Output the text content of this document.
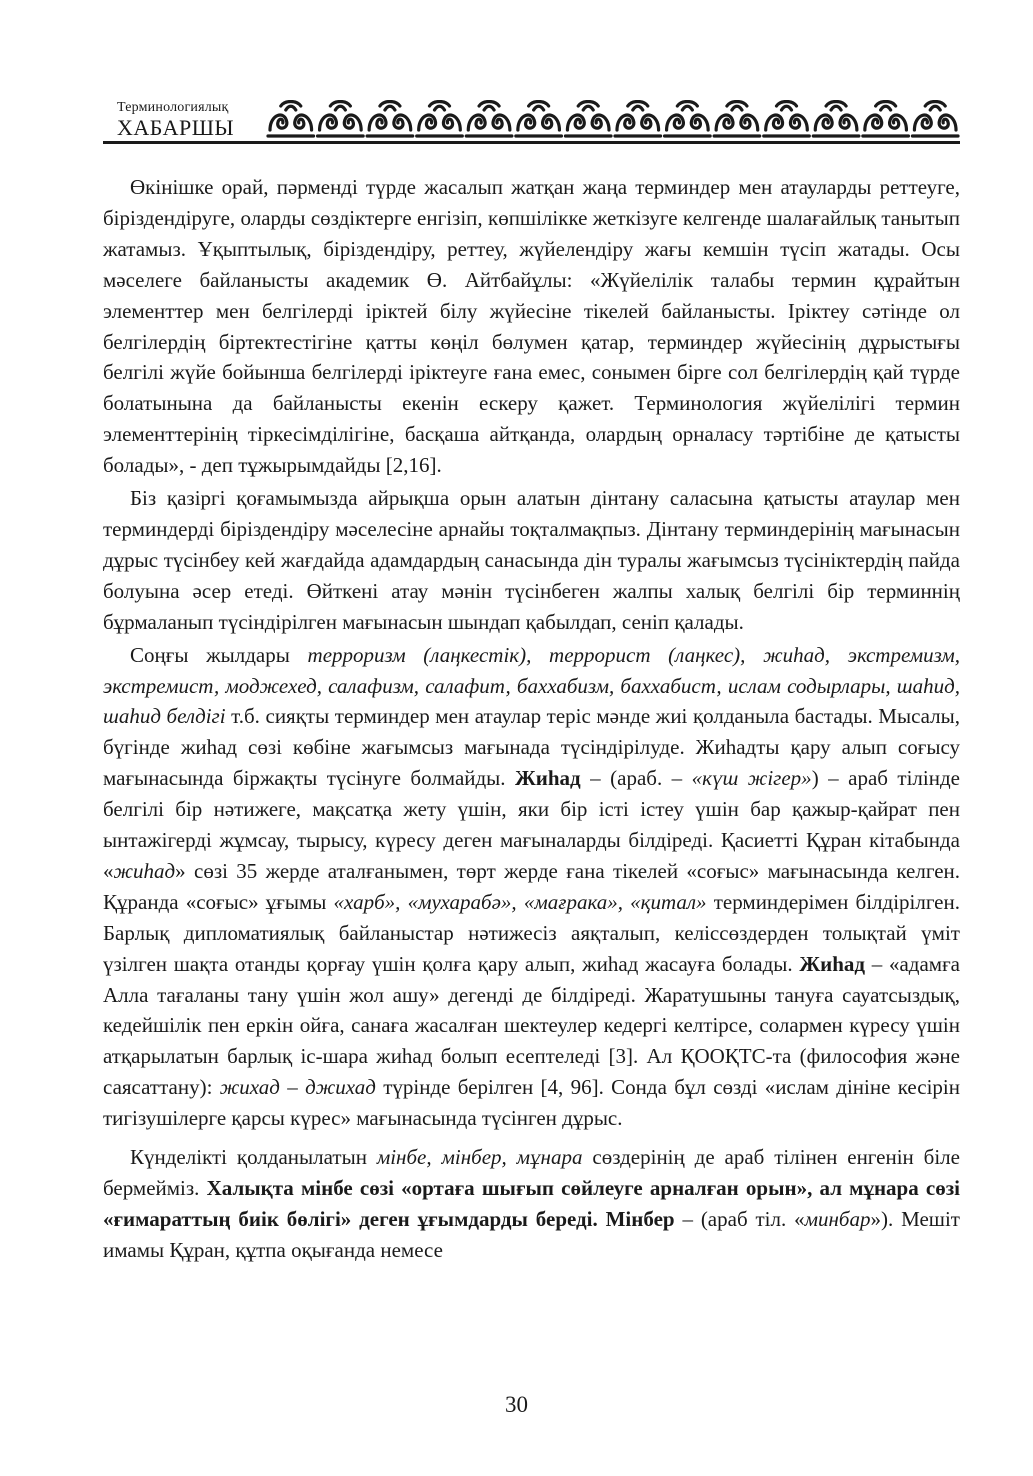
Терминологиялық
ХАБАРШЫ

Өкінішке орай, пәрменді түрде жасалып жатқан жаңа терминдер мен атауларды реттеуге, біріздендіруге, оларды сөздіктерге енгізіп, көпшілікке жеткізуге келгенде шалағайлық танытып жатамыз. Ұқыптылық, біріздендіру, реттеу, жүйелендіру жағы кемшін түсіп жатады. Осы мәселеге байланысты академик Ө. Айтбайұлы: «Жүйелілік талабы термин құрайтын элементтер мен белгілерді іріктей білу жүйесіне тікелей байланысты. Іріктеу сәтінде ол белгілердің біртектестігіне қатты көңіл бөлумен қатар, терминдер жүйесінің дұрыстығы белгілі жүйе бойынша белгілерді іріктеуге ғана емес, сонымен бірге сол белгілердің қай түрде болатынына да байланысты екенін ескеру қажет. Терминология жүйелілігі термин элементтерінің тіркесімділігіне, басқаша айтқанда, олардың орналасу тәртібіне де қатысты болады», - деп тұжырымдайды [2,16].

Біз қазіргі қоғамымызда айрықша орын алатын дінтану саласына қатысты атаулар мен терминдерді біріздендіру мәселесіне арнайы тоқталмақпыз. Дінтану терминдерінің мағынасын дұрыс түсінбеу кей жағдайда адамдардың санасында дін туралы жағымсыз түсініктердің пайда болуына әсер етеді. Өйткені атау мәнін түсінбеген жалпы халық белгілі бір терминнің бұрмаланып түсіндірілген мағынасын шындап қабылдап, сеніп қалады.

Соңғы жылдары терроризм (лаңкестік), террорист (лаңкес), жиһад, экстремизм, экстремист, моджехед, салафизм, салафит, баххабизм, баххабист, ислам содырлары, шаһид, шаһид белдігі т.б. сияқты терминдер мен атаулар теріс мәнде жиі қолданыла бастады. Мысалы, бүгінде жиһад сөзі көбіне жағымсыз мағынада түсіндірілуде. Жиһадты қару алып соғысу мағынасында біржақты түсінуге болмайды. Жиһад – (араб. – «күш жігер») – араб тілінде белгілі бір нәтижеге, мақсатқа жету үшін, яки бір істі істеу үшін бар қажыр-қайрат пен ынтажігерді жұмсау, тырысу, күресу деген мағыналарды білдіреді. Қасиетті Құран кітабында «жиһад» сөзі 35 жерде аталғанымен, төрт жерде ғана тікелей «соғыс» мағынасында келген. Құранда «соғыс» ұғымы «харб», «мухарабә», «мағрака», «қитал» терминдерімен білдірілген. Барлық дипломатиялық байланыстар нәтижесіз аяқталып, келіссөздерден толықтай үміт үзілген шақта отанды қорғау үшін қолға қару алып, жиһад жасауға болады. Жиһад – «адамға Алла тағаланы тану үшін жол ашу» дегенді де білдіреді. Жаратушыны тануға сауатсыздық, кедейшілік пен еркін ойға, санаға жасалған шектеулер кедергі келтірсе, солармен күресу үшін атқарылатын барлық іс-шара жиһад болып есептеледі [3]. Ал ҚООҚТС-та (философия және саясаттану): жихад – джихад түрінде берілген [4, 96]. Сонда бұл сөзді «ислам дініне кесірін тигізушілерге қарсы күрес» мағынасында түсінген дұрыс.

Күнделікті қолданылатын мінбе, мінбер, мұнара сөздерінің де араб тілінен енгенін біле бермейміз. Халықта мінбе сөзі «ортаға шығып сөйлеуге арналған орын», ал мұнара сөзі «ғимараттың биік бөлігі» деген ұғымдарды береді. Мінбер – (араб тіл. «минбар»). Мешіт имамы Құран, құтпа оқығанда немесе

30
